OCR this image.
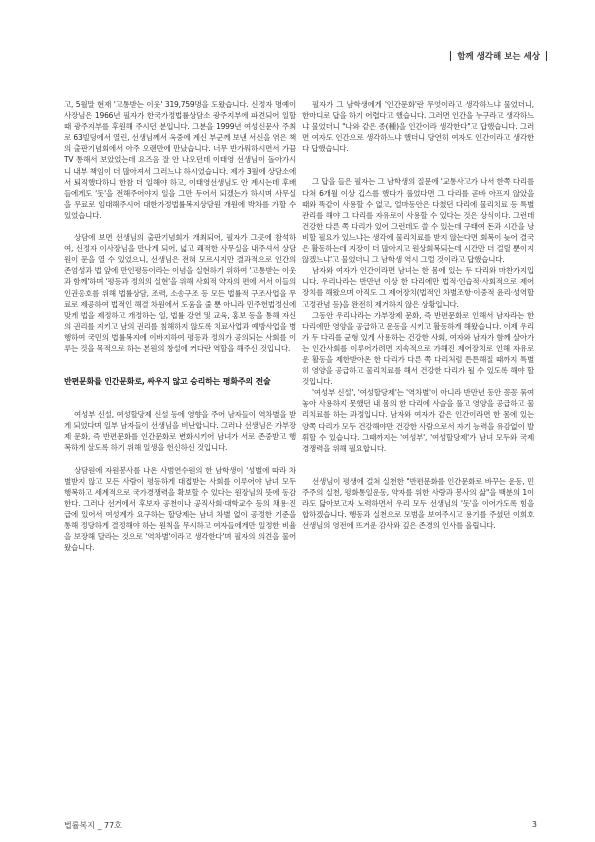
함께 생각해 보는 세상

고, 5월말 현재 '고통받는 이웃' 319,759명을 도왔습니다. 신정자 명예이사장님은 1966년 필자가 한국가정법률상담소 광주지부에 파견되어 일할 때 광주지부를 후원해 주시던 분입니다. 그분을 1999년 여성신문사 주최로 63빌딩에서 열린, 선생님께서 옥중에 계신 부군께 보낸 서신을 엮은 책의 출판기념회에서 아주 오랜만에 만났습니다. 너무 반가워하시면서 가끔 TV 통해서 보았었는데 요즈음 잘 안 나오던데 이태영 선생님이 돌아가시니 내부 책임이 더 많아져서 그러느냐 하시었습니다. 제가 3월에 상담소에서 퇴직했다하니 한참 더 일해야 하고, 이태영선생님도 안 계시는데 후배들에게도 '돗'을 전해주어야지 일을 그만 두어서 되겠는가 하시며 사무실을 무료로 임대해주시어 대한가정법률복지상담원 개원에 박차를 가할 수 있었습니다.

상담에 보면 선생님의 출판기념회가 개최되어, 필자가 그곳에 참석하여, 신정자 이사장님을 만나게 되어, 넓고 쾌적한 사무실을 내주셔서 상담원이 문을 열 수 있었으니, 선생님은 전혀 모르시지만 결과적으로 인간의 존엄성과 법 앞에 만인평등이라는 이념을 실현하기 위하여 '고통받는 이웃과 함께'하며 '평등과 정의의 실현'을 위해 사회적 약자의 편에 서서 이들의 인권옹호를 위해 법률상담, 조력, 소송구조 등 모든 법률적 구조사업을 무료로 제공하여 법적인 해결 차원에서 도움을 줄 뿐 아니라 민주헌법정신에 맞게 법을 제정하고 개정하는 일, 법률 강연 및 교육, 홍보 등을 통해 자신의 권리를 지키고 남의 권리를 침해하지 않도록 치료사업과 예방사업을 병행하여 국민의 법률복지에 이바지하여 평등과 정의가 공의되는 사회를 이루는 것을 목적으로 하는 본원의 창설에 커다란 역할을 해주신 것입니다.

반편문화를 인간문화로, 싸우지 않고 승리하는 평화주의 전술

여성부 신설, 여성할당제 신설 등에 영향을 주어 남자들이 역차별을 받게 되었다며 일부 남자들이 선생님을 비난합니다. 그러나 선생님은 가부장제 문화, 즉 반편문화를 인간문화로 변화시키어 남녀가 서로 존중받고 행복하게 살도록 하기 위해 일생을 헌신하신 것입니다.

상담원에 자원봉사를 나온 사범연수원의 한 남학생이 '성별에 따라 차별받지 않고 모든 사람이 평등하게 대접받는 사회를 이루어야 남녀 모두 행복하고 세계적으로 국가경쟁력을 확보할 수 있다는 원장님의 뜻에 동감한다. 그러나 선거에서 후보자 공천이나 공직사회·대학교수 등의 채용·진급에 있어서 여성계가 요구하는 할당제는 남녀 차별 없이 공정한 기준을 통해 정당하게 결정해야 하는 원칙을 무시하고 여자들에게만 일정한 비율을 보장해 달라는 것으로 '역차별'이라고 생각한다'며 필자의 의견을 물어왔습니다.

필자가 그 남학생에게 '인간문화'란 무엇이라고 생각하느냐 물었더니, 한마디로 답을 하기 어렵다고 했습니다. 그러면 인간을 누구라고 생각하느냐 물었더니 "나와 같은 종(種)을 인간이라 생각한다"고 답했습니다. 그러면 여자도 인간으로 생각하느냐 했더니 당연히 여자도 인간이라고 생각한다 답했습니다.

그 답을 들은 필자는 그 남학생의 질문에 '교통사고가 나서 한쪽 다리를 다쳐 6개월 이상 깁스를 했다가 풀었다면 그 다리를 곧바 아프지 않았을 때와 똑같이 사용할 수 없고, 얼마동안은 다쳤던 다리에 물리치료 등 특별관리를 해야 그 다리를 자유로이 사용할 수 있다는 것은 상식이다. 그런데 건강한 다른 쪽 다리가 있어 그런데도 쓸 수 있는데 구태여 돈과 시간을 낭비할 필요가 있느냐는 생각에 물리치료를 받지 않는다면 회복이 늦어 결국은 활동하는데 지장이 더 많아지고 원상회복되는데 시간만 더 걸릴 뿐이지 않겠느냐'고 물었더니 그 남학생 역시 그럴 것이라고 답했습니다.

남자와 여자가 인간이라면 남녀는 한 몸에 있는 두 다리와 마찬가지입니다. 우리나라는 반만년 이상 한 다리에만 법적·인습적·사회적으로 제어장치를 해왔으며 아직도 그 제어장치(법적인 차별조항·이중적 윤리·성역할 고정관념 등)을 완전히 제거하지 않은 상황입니다.

그동안 우리나라는 가부장제 문화, 즉 반편문화로 인해서 남자라는 한 다리에만 영양을 공급하고 운동을 시키고 활동하게 해왔습니다. 이제 우리가 두 다리를 균형 있게 사용하는 건강한 사회, 여자와 남자가 함께 살아가는 인간사회를 이루어가려면 지속적으로 가해진 제어장치로 인해 자유로운 활동을 제한받아온 한 다리가 다른 쪽 다리처럼 튼튼해질 때까지 특별히 영양을 공급하고 물리치료를 해서 건강한 다리가 될 수 있도록 해야 할 것입니다.

'여성부 신설', '여성할당제'는 '역차별'이 아니라 반만년 동안 꽁꽁 묶여 놓아 사용하지 못했던 내 몸의 한 다리에 사슬을 풀고 영양을 공급하고 물리치료를 하는 과정입니다. 남자와 여자가 같은 인간이라면 한 몸에 있는 양쪽 다리가 모두 건강해야만 건강한 사람으로서 자기 능력을 유감없이 발휘할 수 있습니다. 그때까지는 '여성부', '여성할당제'가 남녀 모두와 국제경쟁력을 위해 필요합니다.

선생님이 평생에 걸쳐 실천한 "반편문화를 인간문화로 바꾸는 운동, 민주주의 실천, 평화통일운동, 약자를 위한 사랑과 봉사의 삶"을 백분의 1이라도 닮아보고자 노력하면서 우리 모두 선생님의 '돗'을 이어가도록 힘을 합하겠습니다. 행동과 실천으로 모범을 보여주시고 용기를 주셨던 이희호 선생님의 영전에 뜨거운 감사와 깊은 존경의 인사를 올립니다.

법률복지 _ 77호	3
